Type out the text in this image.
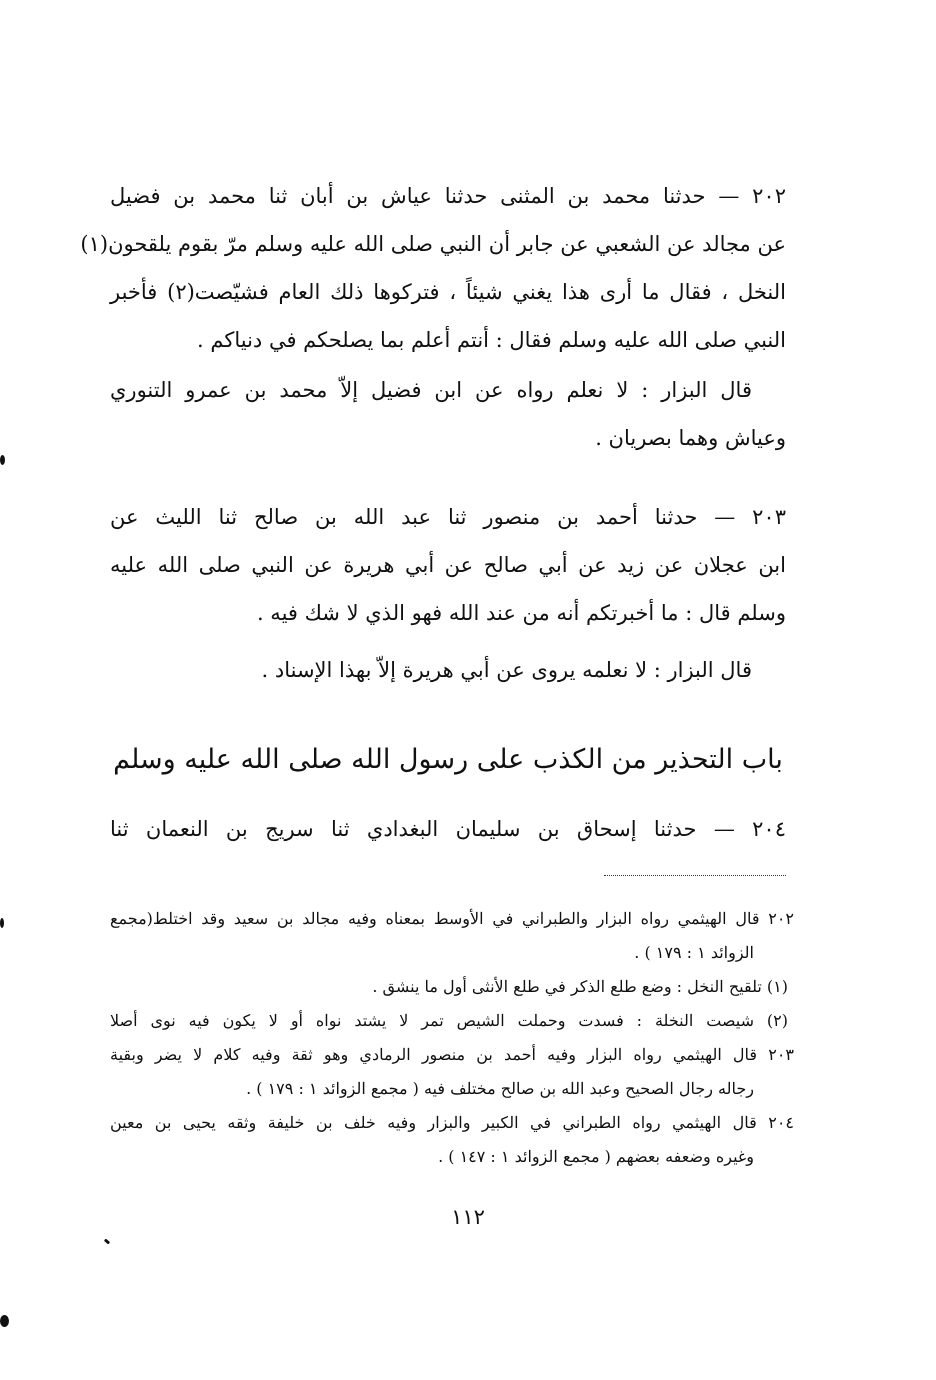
٢٠٢ — حدثنا محمد بن المثنى حدثنا عياش بن أبان ثنا محمد بن فضيل
عن مجالد عن الشعبي عن جابر أن النبي صلى الله عليه وسلم مرّ بقوم يلقحون(١)
النخل ، فقال ما أرى هذا يغني شيئاً ، فتركوها ذلك العام فشيّصت(٢) فأخبر
النبي صلى الله عليه وسلم فقال : أنتم أعلم بما يصلحكم في دنياكم .
قال البزار : لا نعلم رواه عن ابن فضيل إلاّ محمد بن عمرو التنوري
وعياش وهما بصريان .
٢٠٣ — حدثنا أحمد بن منصور ثنا عبد الله بن صالح ثنا الليث عن
ابن عجلان عن زيد عن أبي صالح عن أبي هريرة عن النبي صلى الله عليه
وسلم قال : ما أخبرتكم أنه من عند الله فهو الذي لا شك فيه .
قال البزار : لا نعلمه يروى عن أبي هريرة إلاّ بهذا الإسناد .
باب التحذير من الكذب على رسول الله صلى الله عليه وسلم
٢٠٤ — حدثنا إسحاق بن سليمان البغدادي ثنا سريج بن النعمان ثنا
٢٠٢ قال الهيثمي رواه البزار والطبراني في الأوسط بمعناه وفيه مجالد بن سعيد وقد اختلط(مجمع
الزوائد ١ : ١٧٩ ) .
(١) تلقيح النخل : وضع طلع الذكر في طلع الأنثى أول ما ينشق .
(٢) شيصت النخلة : فسدت وحملت الشيص تمر لا يشتد نواه أو لا يكون فيه نوى أصلا
٢٠٣ قال الهيثمي رواه البزار وفيه أحمد بن منصور الرمادي وهو ثقة وفيه كلام لا يضر وبقية
رجاله رجال الصحيح وعبد الله بن صالح مختلف فيه ( مجمع الزوائد ١ : ١٧٩ ) .
٢٠٤ قال الهيثمي رواه الطبراني في الكبير والبزار وفيه خلف بن خليفة وثقه يحيى بن معين
وغيره وضعفه بعضهم ( مجمع الزوائد ١ : ١٤٧ ) .
١١٢
